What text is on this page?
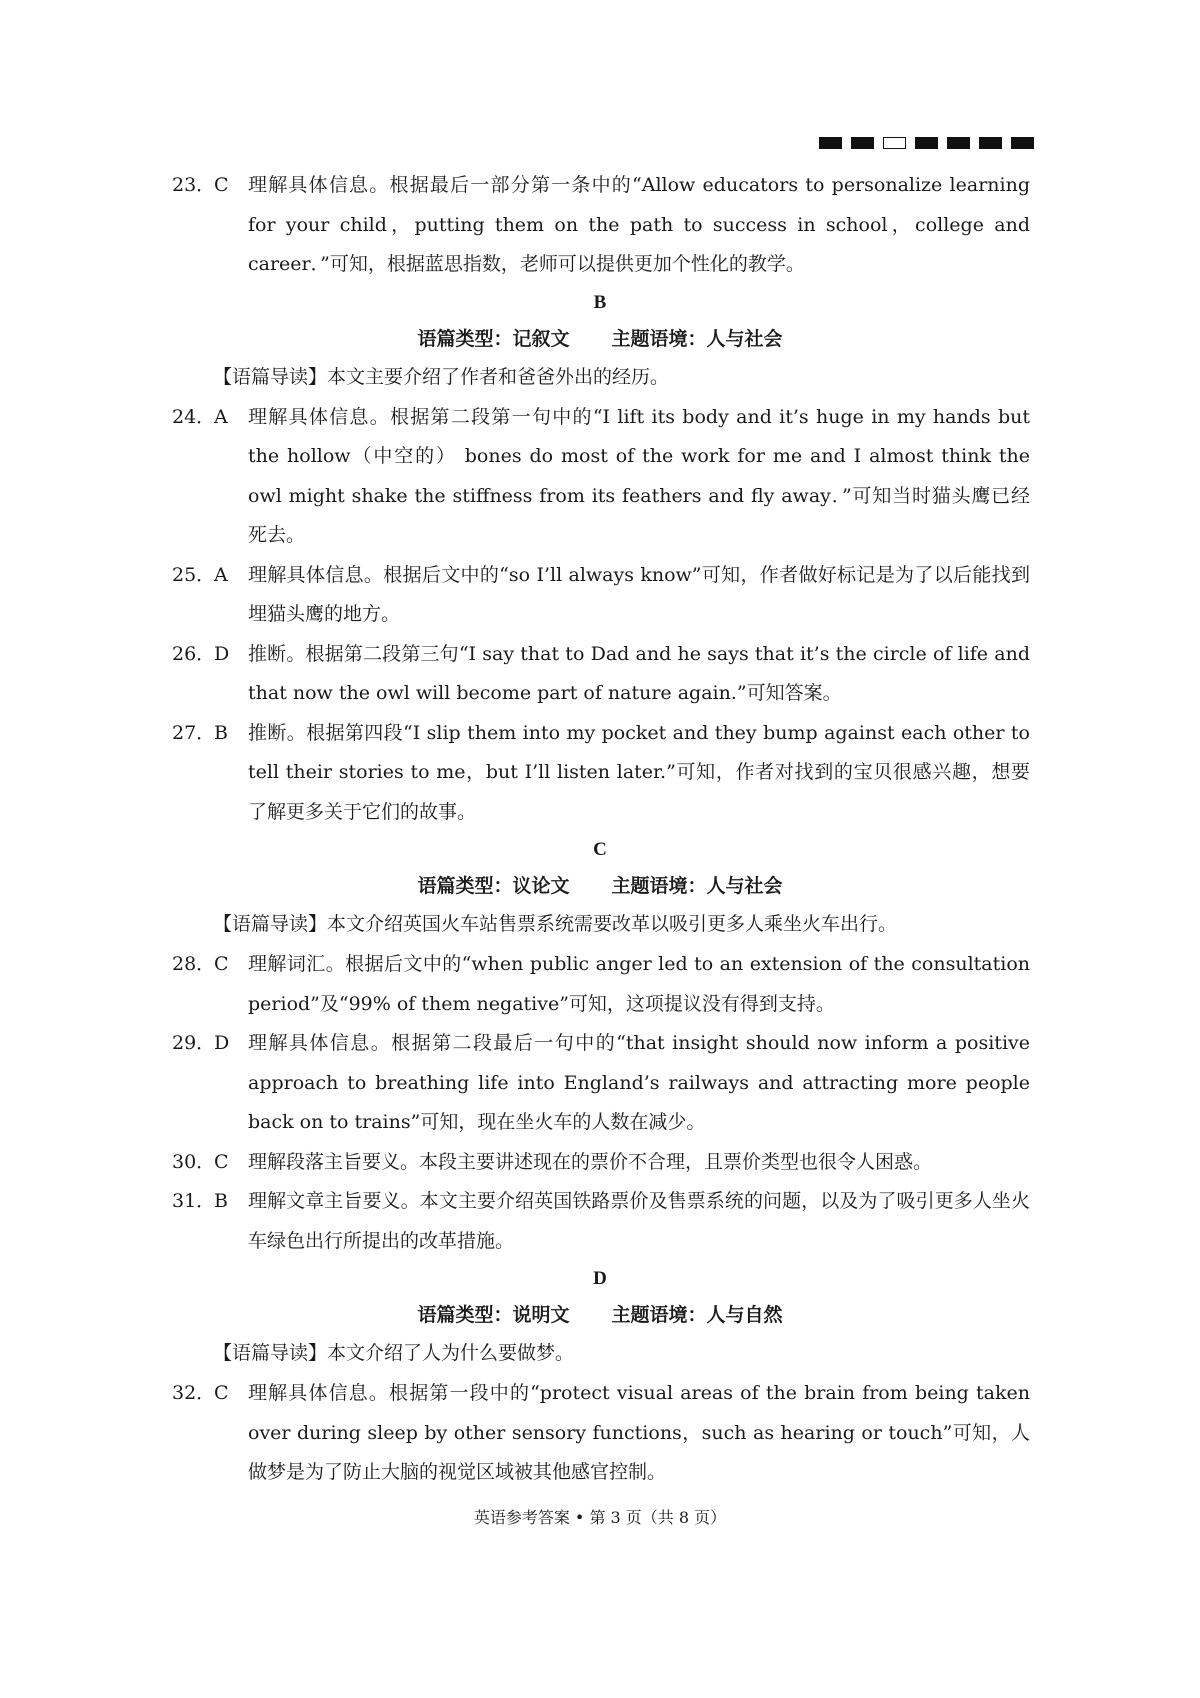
23．
C 理解具体信息。根据最后一部分第一条中的“Allow educators to personalize learning for your child，putting them on the path to success in school，college and career．”可知，根据蓝思指数，老师可以提供更加个性化的教学。
B
语篇类型：记叙文 主题语境：人与社会
【语篇导读】本文主要介绍了作者和爸爸外出的经历。
24．
A 理解具体信息。根据第二段第一句中的“I lift its body and it’s huge in my hands but the hollow（中空的） bones do most of the work for me and I almost think the owl might shake the stiffness from its feathers and fly away．”可知当时猫头鹰已经死去。
25．
A 理解具体信息。根据后文中的“so I’ll always know”可知，作者做好标记是为了以后能找到埋猫头鹰的地方。
26．
D 推断。根据第二段第三句“I say that to Dad and he says that it’s the circle of life and that now the owl will become part of nature again.”可知答案。
27．
B 推断。根据第四段“I slip them into my pocket and they bump against each other to tell their stories to me，but I’ll listen later.”可知，作者对找到的宝贝很感兴趣，想要了解更多关于它们的故事。
C
语篇类型：议论文 主题语境：人与社会
【语篇导读】本文介绍英国火车站售票系统需要改革以吸引更多人乘坐火车出行。
28．
C 理解词汇。根据后文中的“when public anger led to an extension of the consultation period”及“99% of them negative”可知，这项提议没有得到支持。
29．
D 理解具体信息。根据第二段最后一句中的“that insight should now inform a positive approach to breathing life into England’s railways and attracting more people back on to trains”可知，现在坐火车的人数在减少。
30．
C 理解段落主旨要义。本段主要讲述现在的票价不合理，且票价类型也很令人困惑。
31．
B 理解文章主旨要义。本文主要介绍英国铁路票价及售票系统的问题，以及为了吸引更多人坐火车绿色出行所提出的改革措施。
D
语篇类型：说明文 主题语境：人与自然
【语篇导读】本文介绍了人为什么要做梦。
32．
C 理解具体信息。根据第一段中的“protect visual areas of the brain from being taken over during sleep by other sensory functions，such as hearing or touch”可知，人做梦是为了防止大脑的视觉区域被其他感官控制。
英语参考答案 • 第 3 页（共 8 页）
